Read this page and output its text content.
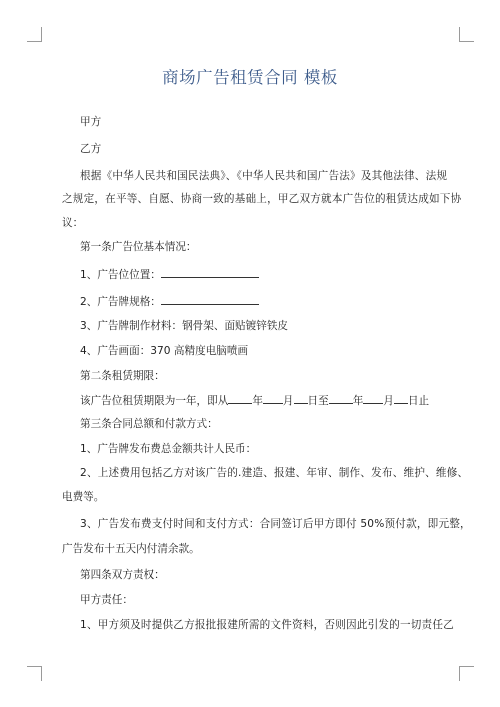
商场广告租赁合同 模板
甲方
乙方
根据《中华人民共和国民法典》、《中华人民共和国广告法》及其他法律、法规
之规定，在平等、自愿、协商一致的基础上，甲乙双方就本广告位的租赁达成如下协
议：
第一条广告位基本情况：
1、广告位位置：
2、广告牌规格：
3、广告牌制作材料：钢骨架、面贴镀锌铁皮
4、广告画面：370 高精度电脑喷画
第二条租赁期限：
该广告位租赁期限为一年，即从 年 月 日至 年 月 日止
第三条合同总额和付款方式：
1、广告牌发布费总金额共计人民币：
2、上述费用包括乙方对该广告的.建造、报建、年审、制作、发布、维护、维修、
电费等。
3、广告发布费支付时间和支付方式：合同签订后甲方即付 50%预付款，即元整，
广告发布十五天内付清余款。
第四条双方责权：
甲方责任：
1、甲方须及时提供乙方报批报建所需的文件资料，否则因此引发的一切责任乙
